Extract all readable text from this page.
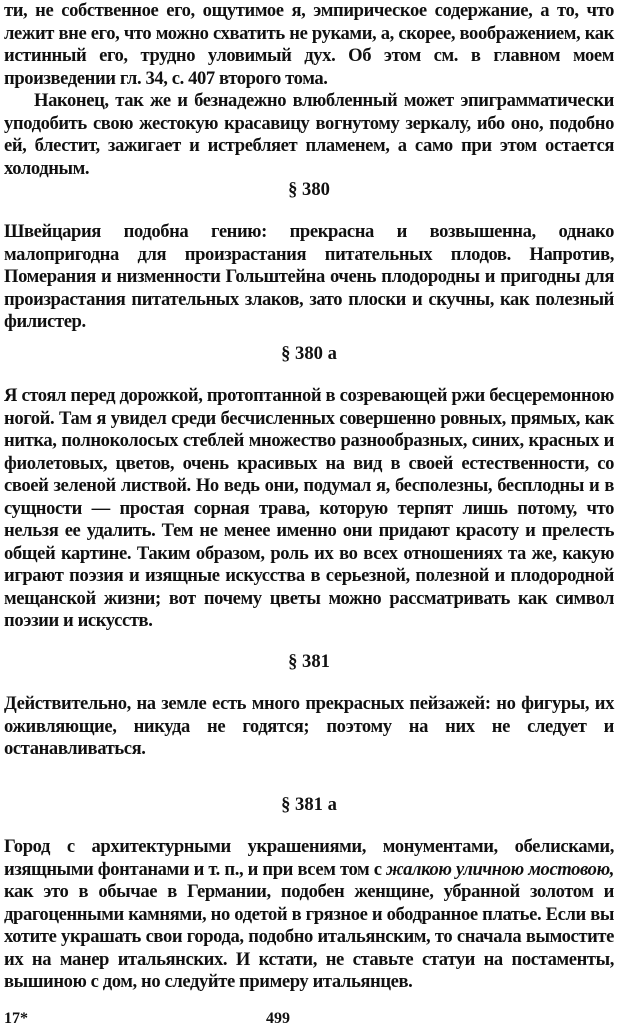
ти, не собственное его, ощутимое я, эмпирическое содержание, а то, что лежит вне его, что можно схватить не руками, а, скорее, воображением, как истинный его, трудно уловимый дух. Об этом см. в главном моем произведении гл. 34, с. 407 второго тома.

Наконец, так же и безнадежно влюбленный может эпиграмматически уподобить свою жестокую красавицу вогнутому зеркалу, ибо оно, подобно ей, блестит, зажигает и истребляет пламенем, а само при этом остается холодным.

§ 380

Швейцария подобна гению: прекрасна и возвышенна, однако малопригодна для произрастания питательных плодов. Напротив, Померания и низменности Гольштейна очень плодородны и пригодны для произрастания питательных злаков, зато плоски и скучны, как полезный филистер.

§ 380 а

Я стоял перед дорожкой, протоптанной в созревающей ржи бесцеремонною ногой. Там я увидел среди бесчисленных совершенно ровных, прямых, как нитка, полноколосых стеблей множество разнообразных, синих, красных и фиолетовых, цветов, очень красивых на вид в своей естественности, со своей зеленой листвой. Но ведь они, подумал я, бесполезны, бесплодны и в сущности — простая сорная трава, которую терпят лишь потому, что нельзя ее удалить. Тем не менее именно они придают красоту и прелесть общей картине. Таким образом, роль их во всех отношениях та же, какую играют поэзия и изящные искусства в серьезной, полезной и плодородной мещанской жизни; вот почему цветы можно рассматривать как символ поэзии и искусств.

§ 381

Действительно, на земле есть много прекрасных пейзажей: но фигуры, их оживляющие, никуда не годятся; поэтому на них не следует и останавливаться.

§ 381 а

Город с архитектурными украшениями, монументами, обелисками, изящными фонтанами и т. п., и при всем том с жалкою уличною мостовою, как это в обычае в Германии, подобен женщине, убранной золотом и драгоценными камнями, но одетой в грязное и ободранное платье. Если вы хотите украшать свои города, подобно итальянским, то сначала вымостите их на манер итальянских. И кстати, не ставьте статуи на постаменты, вышиною с дом, но следуйте примеру итальянцев.

17*	499
